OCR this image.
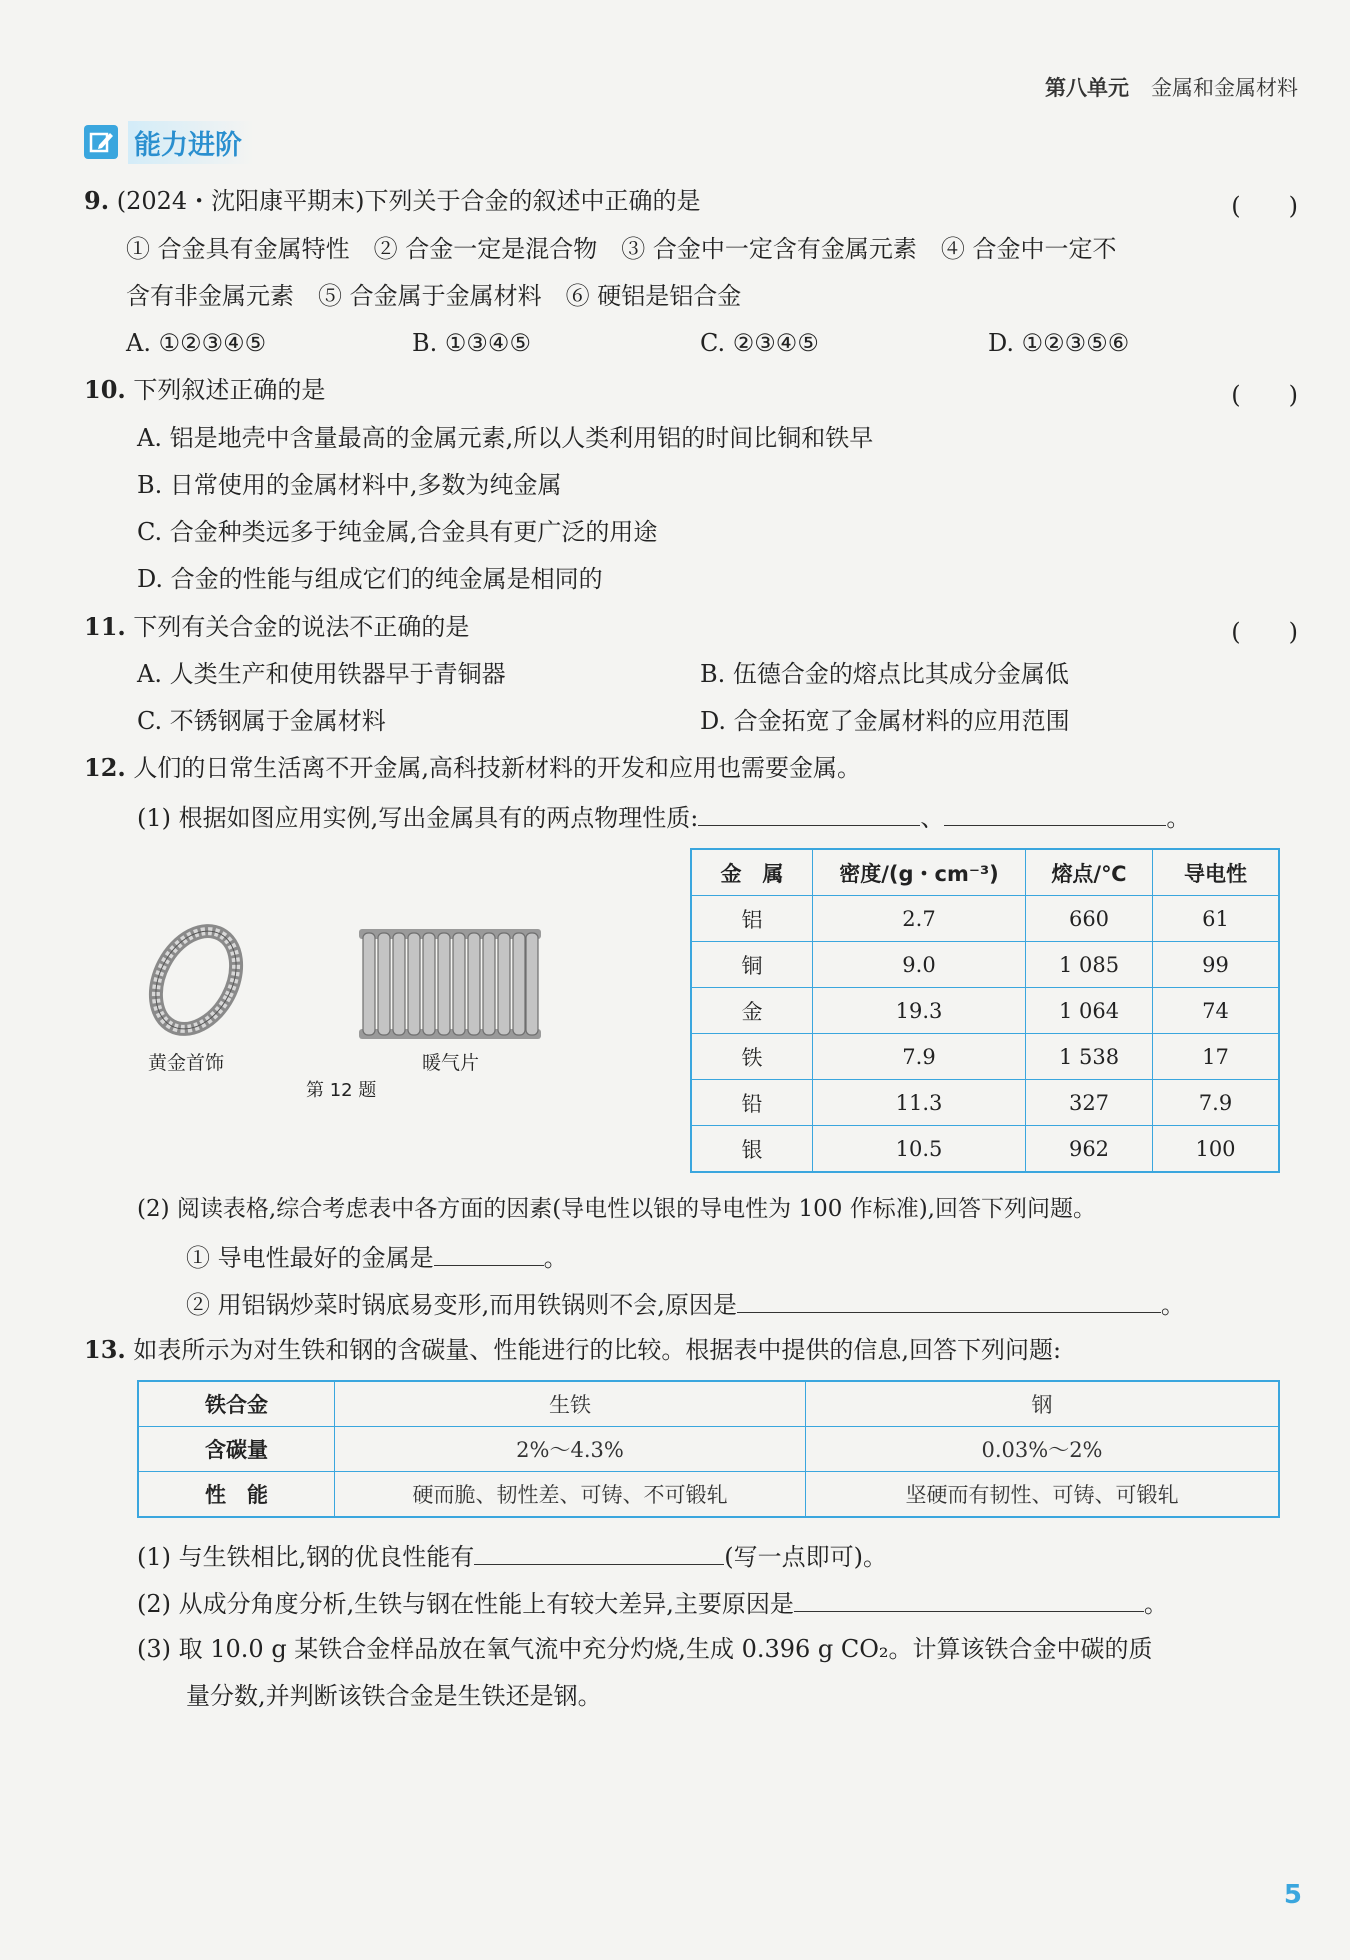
第八单元 金属和金属材料
能力进阶
9. (2024・沈阳康平期末)下列关于合金的叙述中正确的是	(　　)
① 合金具有金属特性　② 合金一定是混合物　③ 合金中一定含有金属元素　④ 合金中一定不
含有非金属元素　⑤ 合金属于金属材料　⑥ 硬铝是铝合金
A. ①②③④⑤	B. ①③④⑤	C. ②③④⑤	D. ①②③⑤⑥
10. 下列叙述正确的是	(　　)
A. 铝是地壳中含量最高的金属元素,所以人类利用铝的时间比铜和铁早
B. 日常使用的金属材料中,多数为纯金属
C. 合金种类远多于纯金属,合金具有更广泛的用途
D. 合金的性能与组成它们的纯金属是相同的
11. 下列有关合金的说法不正确的是	(　　)
A. 人类生产和使用铁器早于青铜器	B. 伍德合金的熔点比其成分金属低
C. 不锈钢属于金属材料	D. 合金拓宽了金属材料的应用范围
12. 人们的日常生活离不开金属,高科技新材料的开发和应用也需要金属。
(1) 根据如图应用实例,写出金属具有的两点物理性质:	、	。
黄金首饰	暖气片
第 12 题
金　属	密度/(g・cm⁻³)	熔点/℃	导电性
铝	2.7	660	61
铜	9.0	1 085	99
金	19.3	1 064	74
铁	7.9	1 538	17
铅	11.3	327	7.9
银	10.5	962	100
(2) 阅读表格,综合考虑表中各方面的因素(导电性以银的导电性为 100 作标准),回答下列问题。
① 导电性最好的金属是	。
② 用铝锅炒菜时锅底易变形,而用铁锅则不会,原因是	。
13. 如表所示为对生铁和钢的含碳量、性能进行的比较。根据表中提供的信息,回答下列问题:
铁合金	生铁	钢
含碳量	2%～4.3%	0.03%～2%
性　能	硬而脆、韧性差、可铸、不可锻轧	坚硬而有韧性、可铸、可锻轧
(1) 与生铁相比,钢的优良性能有	(写一点即可)。
(2) 从成分角度分析,生铁与钢在性能上有较大差异,主要原因是	。
(3) 取 10.0 g 某铁合金样品放在氧气流中充分灼烧,生成 0.396 g CO₂。计算该铁合金中碳的质
量分数,并判断该铁合金是生铁还是钢。
5
